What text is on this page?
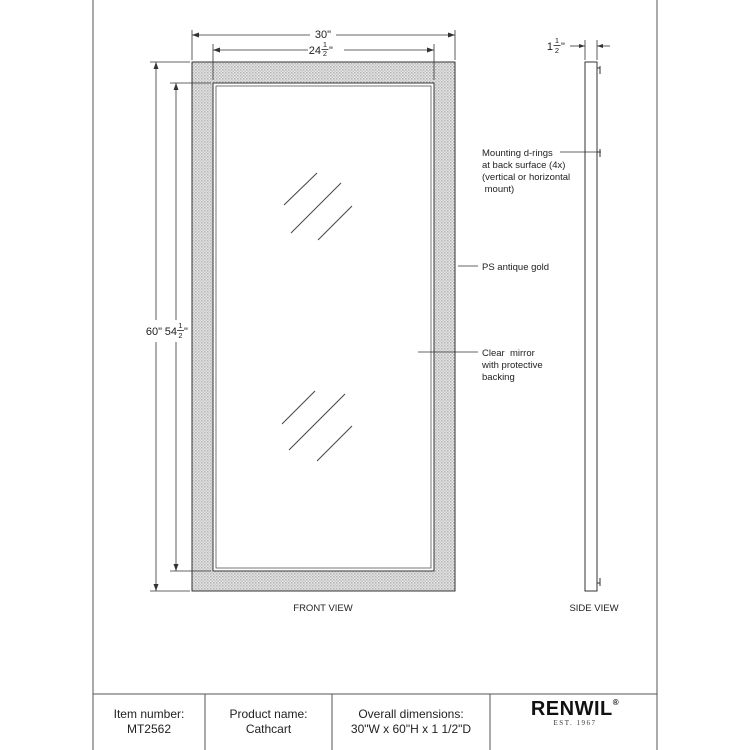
30"
24
1
2 "
60" 54
1
2 "
1
1
2 "
Mounting d-rings
at back surface (4x)
(vertical or horizontal
mount)
PS antique gold
Clear  mirror
with protective
backing
FRONT VIEW	SIDE VIEW
Item number:
MT2562
Product name:
Cathcart
Overall dimensions:
30"W x 60"H x 1 1/2"D
RENWIL®
EST. 1967
